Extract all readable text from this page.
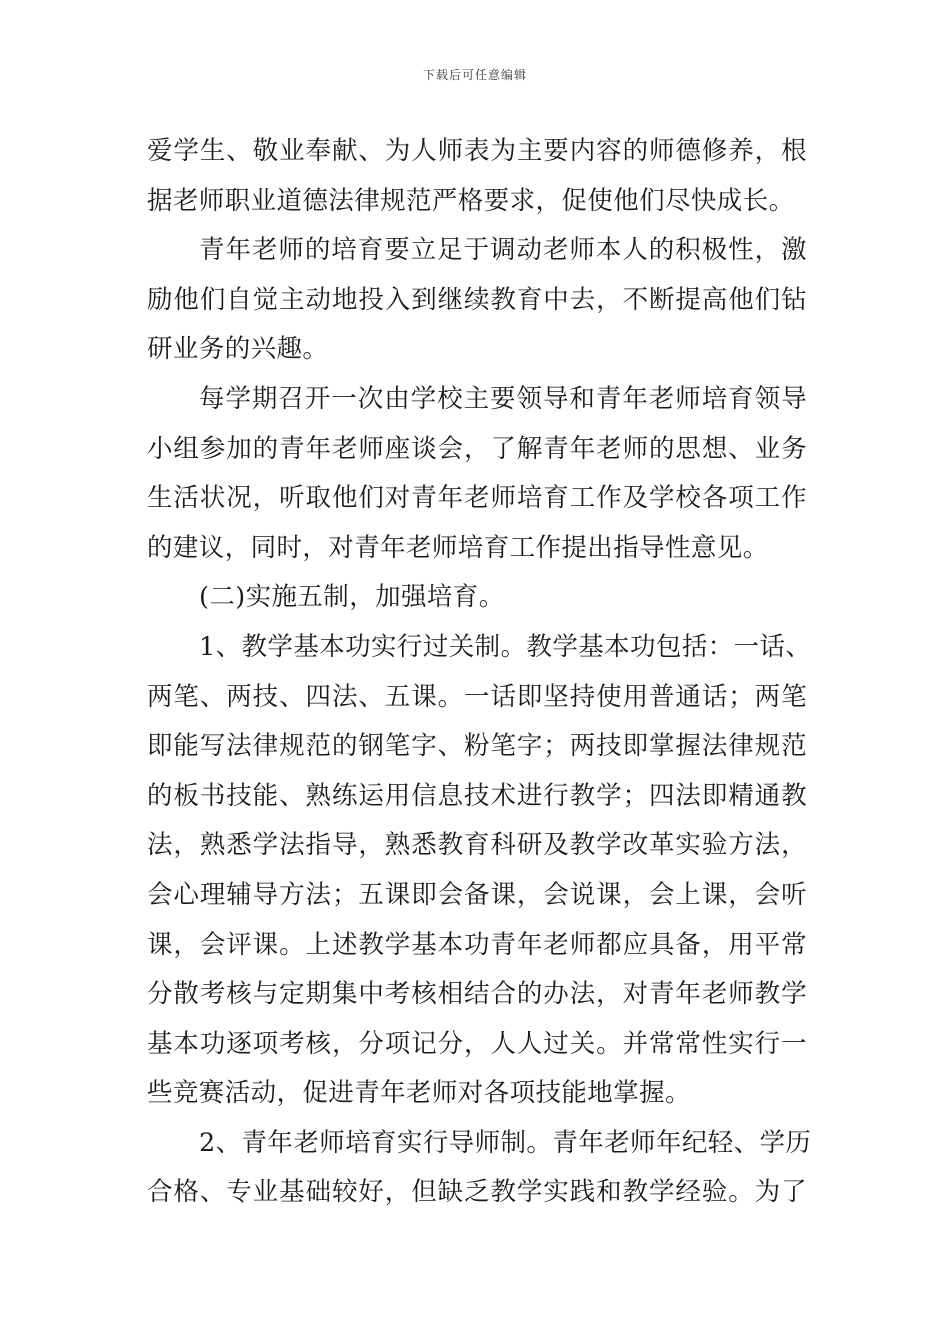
下载后可任意编辑
爱学生、敬业奉献、为人师表为主要内容的师德修养，根
据老师职业道德法律规范严格要求，促使他们尽快成长。
青年老师的培育要立足于调动老师本人的积极性，激
励他们自觉主动地投入到继续教育中去，不断提高他们钻
研业务的兴趣。
每学期召开一次由学校主要领导和青年老师培育领导
小组参加的青年老师座谈会，了解青年老师的思想、业务
生活状况，听取他们对青年老师培育工作及学校各项工作
的建议，同时，对青年老师培育工作提出指导性意见。
(二)实施五制，加强培育。
1、教学基本功实行过关制。教学基本功包括：一话、
两笔、两技、四法、五课。一话即坚持使用普通话；两笔
即能写法律规范的钢笔字、粉笔字；两技即掌握法律规范
的板书技能、熟练运用信息技术进行教学；四法即精通教
法，熟悉学法指导，熟悉教育科研及教学改革实验方法，
会心理辅导方法；五课即会备课，会说课，会上课，会听
课，会评课。上述教学基本功青年老师都应具备，用平常
分散考核与定期集中考核相结合的办法，对青年老师教学
基本功逐项考核，分项记分，人人过关。并常常性实行一
些竞赛活动，促进青年老师对各项技能地掌握。
2、青年老师培育实行导师制。青年老师年纪轻、学历
合格、专业基础较好，但缺乏教学实践和教学经验。为了
